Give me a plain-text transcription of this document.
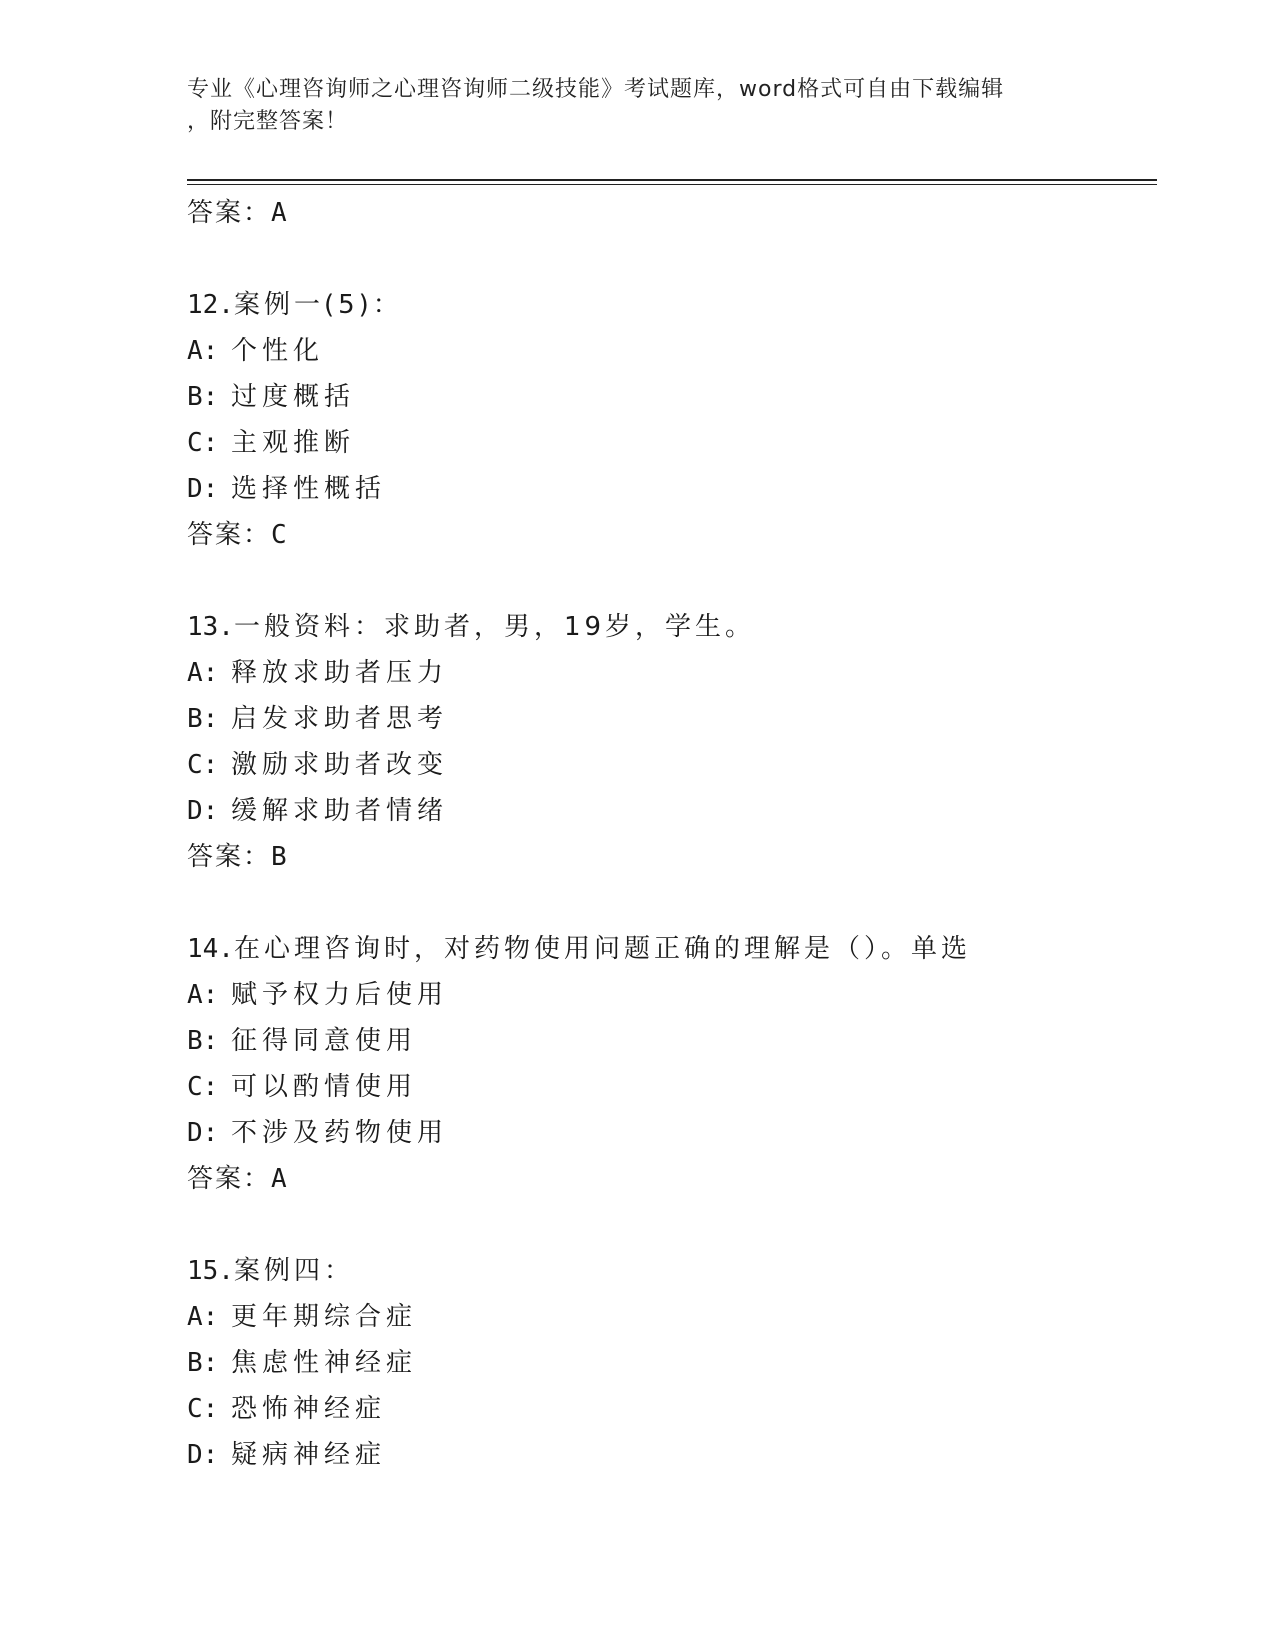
专业《心理咨询师之心理咨询师二级技能》考试题库，word格式可自由下载编辑
，附完整答案！
答案：A
12.案例一(5)：
A: 个性化
B: 过度概括
C: 主观推断
D: 选择性概括
答案：C
13.一般资料：求助者，男，19岁，学生。
A: 释放求助者压力
B: 启发求助者思考
C: 激励求助者改变
D: 缓解求助者情绪
答案：B
14.在心理咨询时，对药物使用问题正确的理解是（）。单选
A: 赋予权力后使用
B: 征得同意使用
C: 可以酌情使用
D: 不涉及药物使用
答案：A
15.案例四：
A: 更年期综合症
B: 焦虑性神经症
C: 恐怖神经症
D: 疑病神经症
